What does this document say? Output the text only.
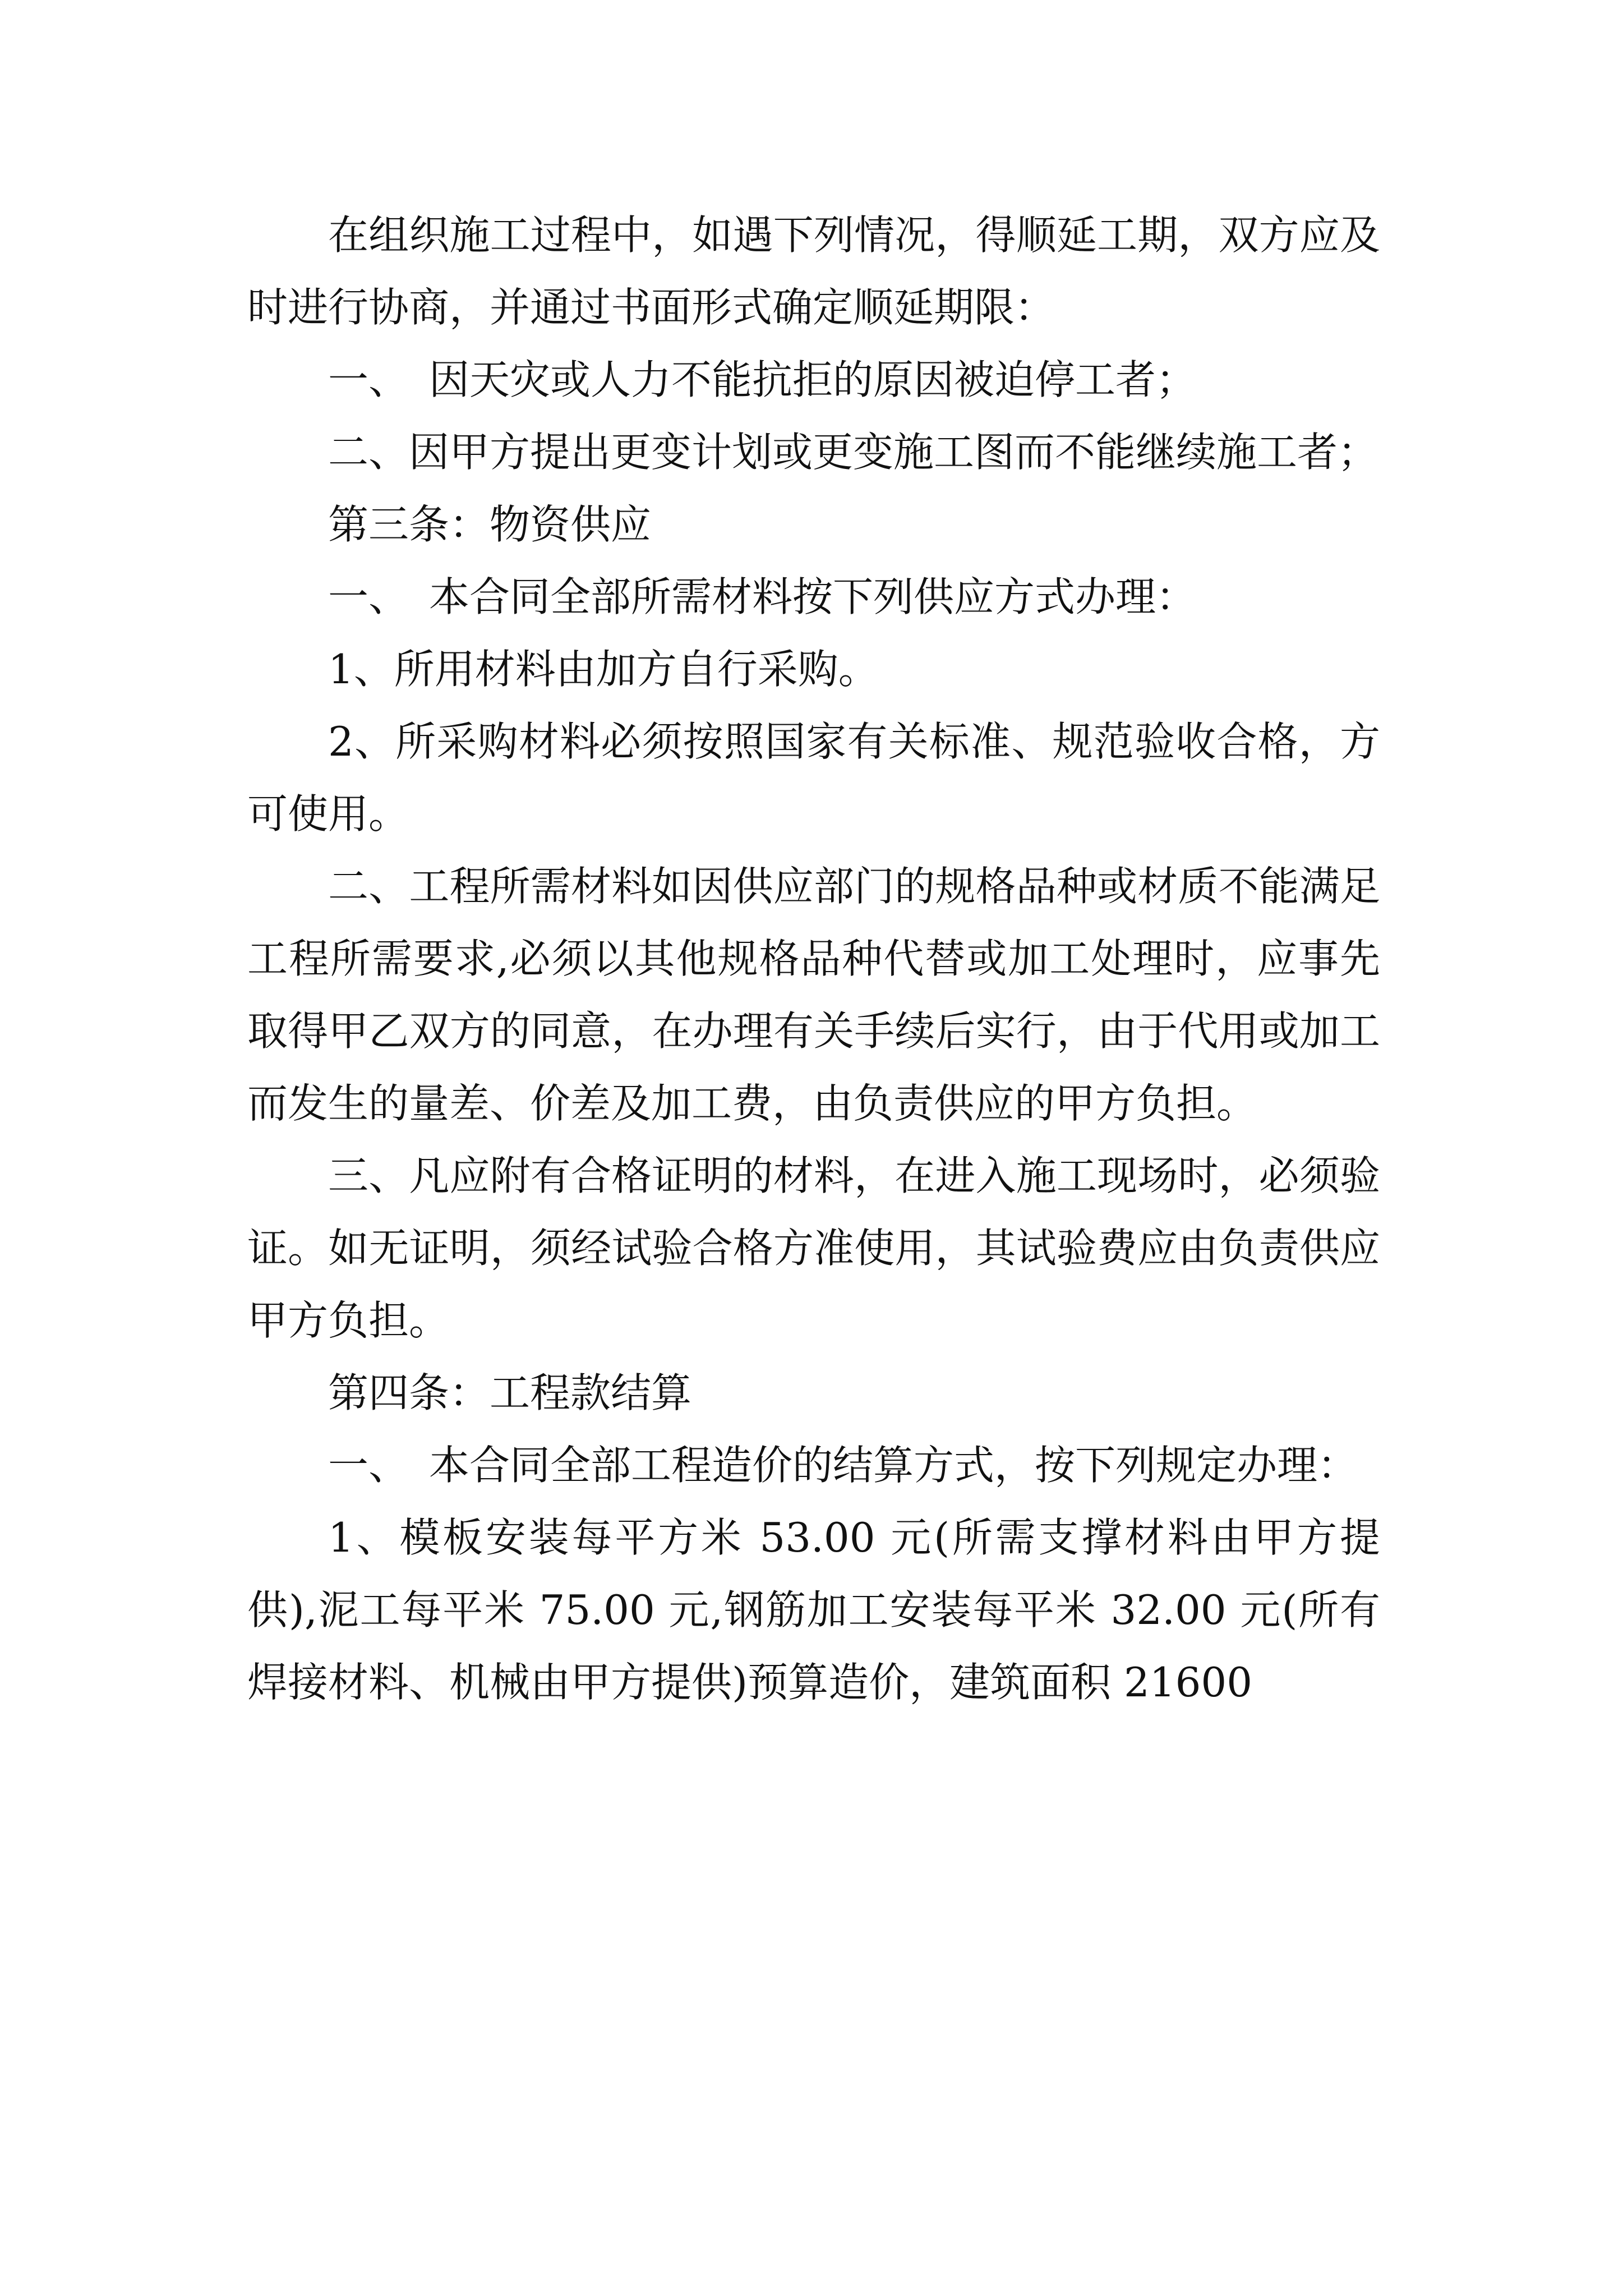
在组织施工过程中，如遇下列情况，得顺延工期，双方应及时进行协商，并通过书面形式确定顺延期限：

一、　因天灾或人力不能抗拒的原因被迫停工者；

二、因甲方提出更变计划或更变施工图而不能继续施工者；

第三条：物资供应

一、　本合同全部所需材料按下列供应方式办理：

1、所用材料由加方自行采购。

2、所采购材料必须按照国家有关标准、规范验收合格，方可使用。

二、工程所需材料如因供应部门的规格品种或材质不能满足工程所需要求,必须以其他规格品种代替或加工处理时，应事先取得甲乙双方的同意，在办理有关手续后实行，由于代用或加工而发生的量差、价差及加工费，由负责供应的甲方负担。

三、凡应附有合格证明的材料，在进入施工现场时，必须验证。如无证明，须经试验合格方准使用，其试验费应由负责供应甲方负担。

第四条：工程款结算

一、　本合同全部工程造价的结算方式，按下列规定办理：

1、模板安装每平方米 53.00 元(所需支撑材料由甲方提供),泥工每平米 75.00 元,钢筋加工安装每平米 32.00 元(所有焊接材料、机械由甲方提供)预算造价，建筑面积 21600
